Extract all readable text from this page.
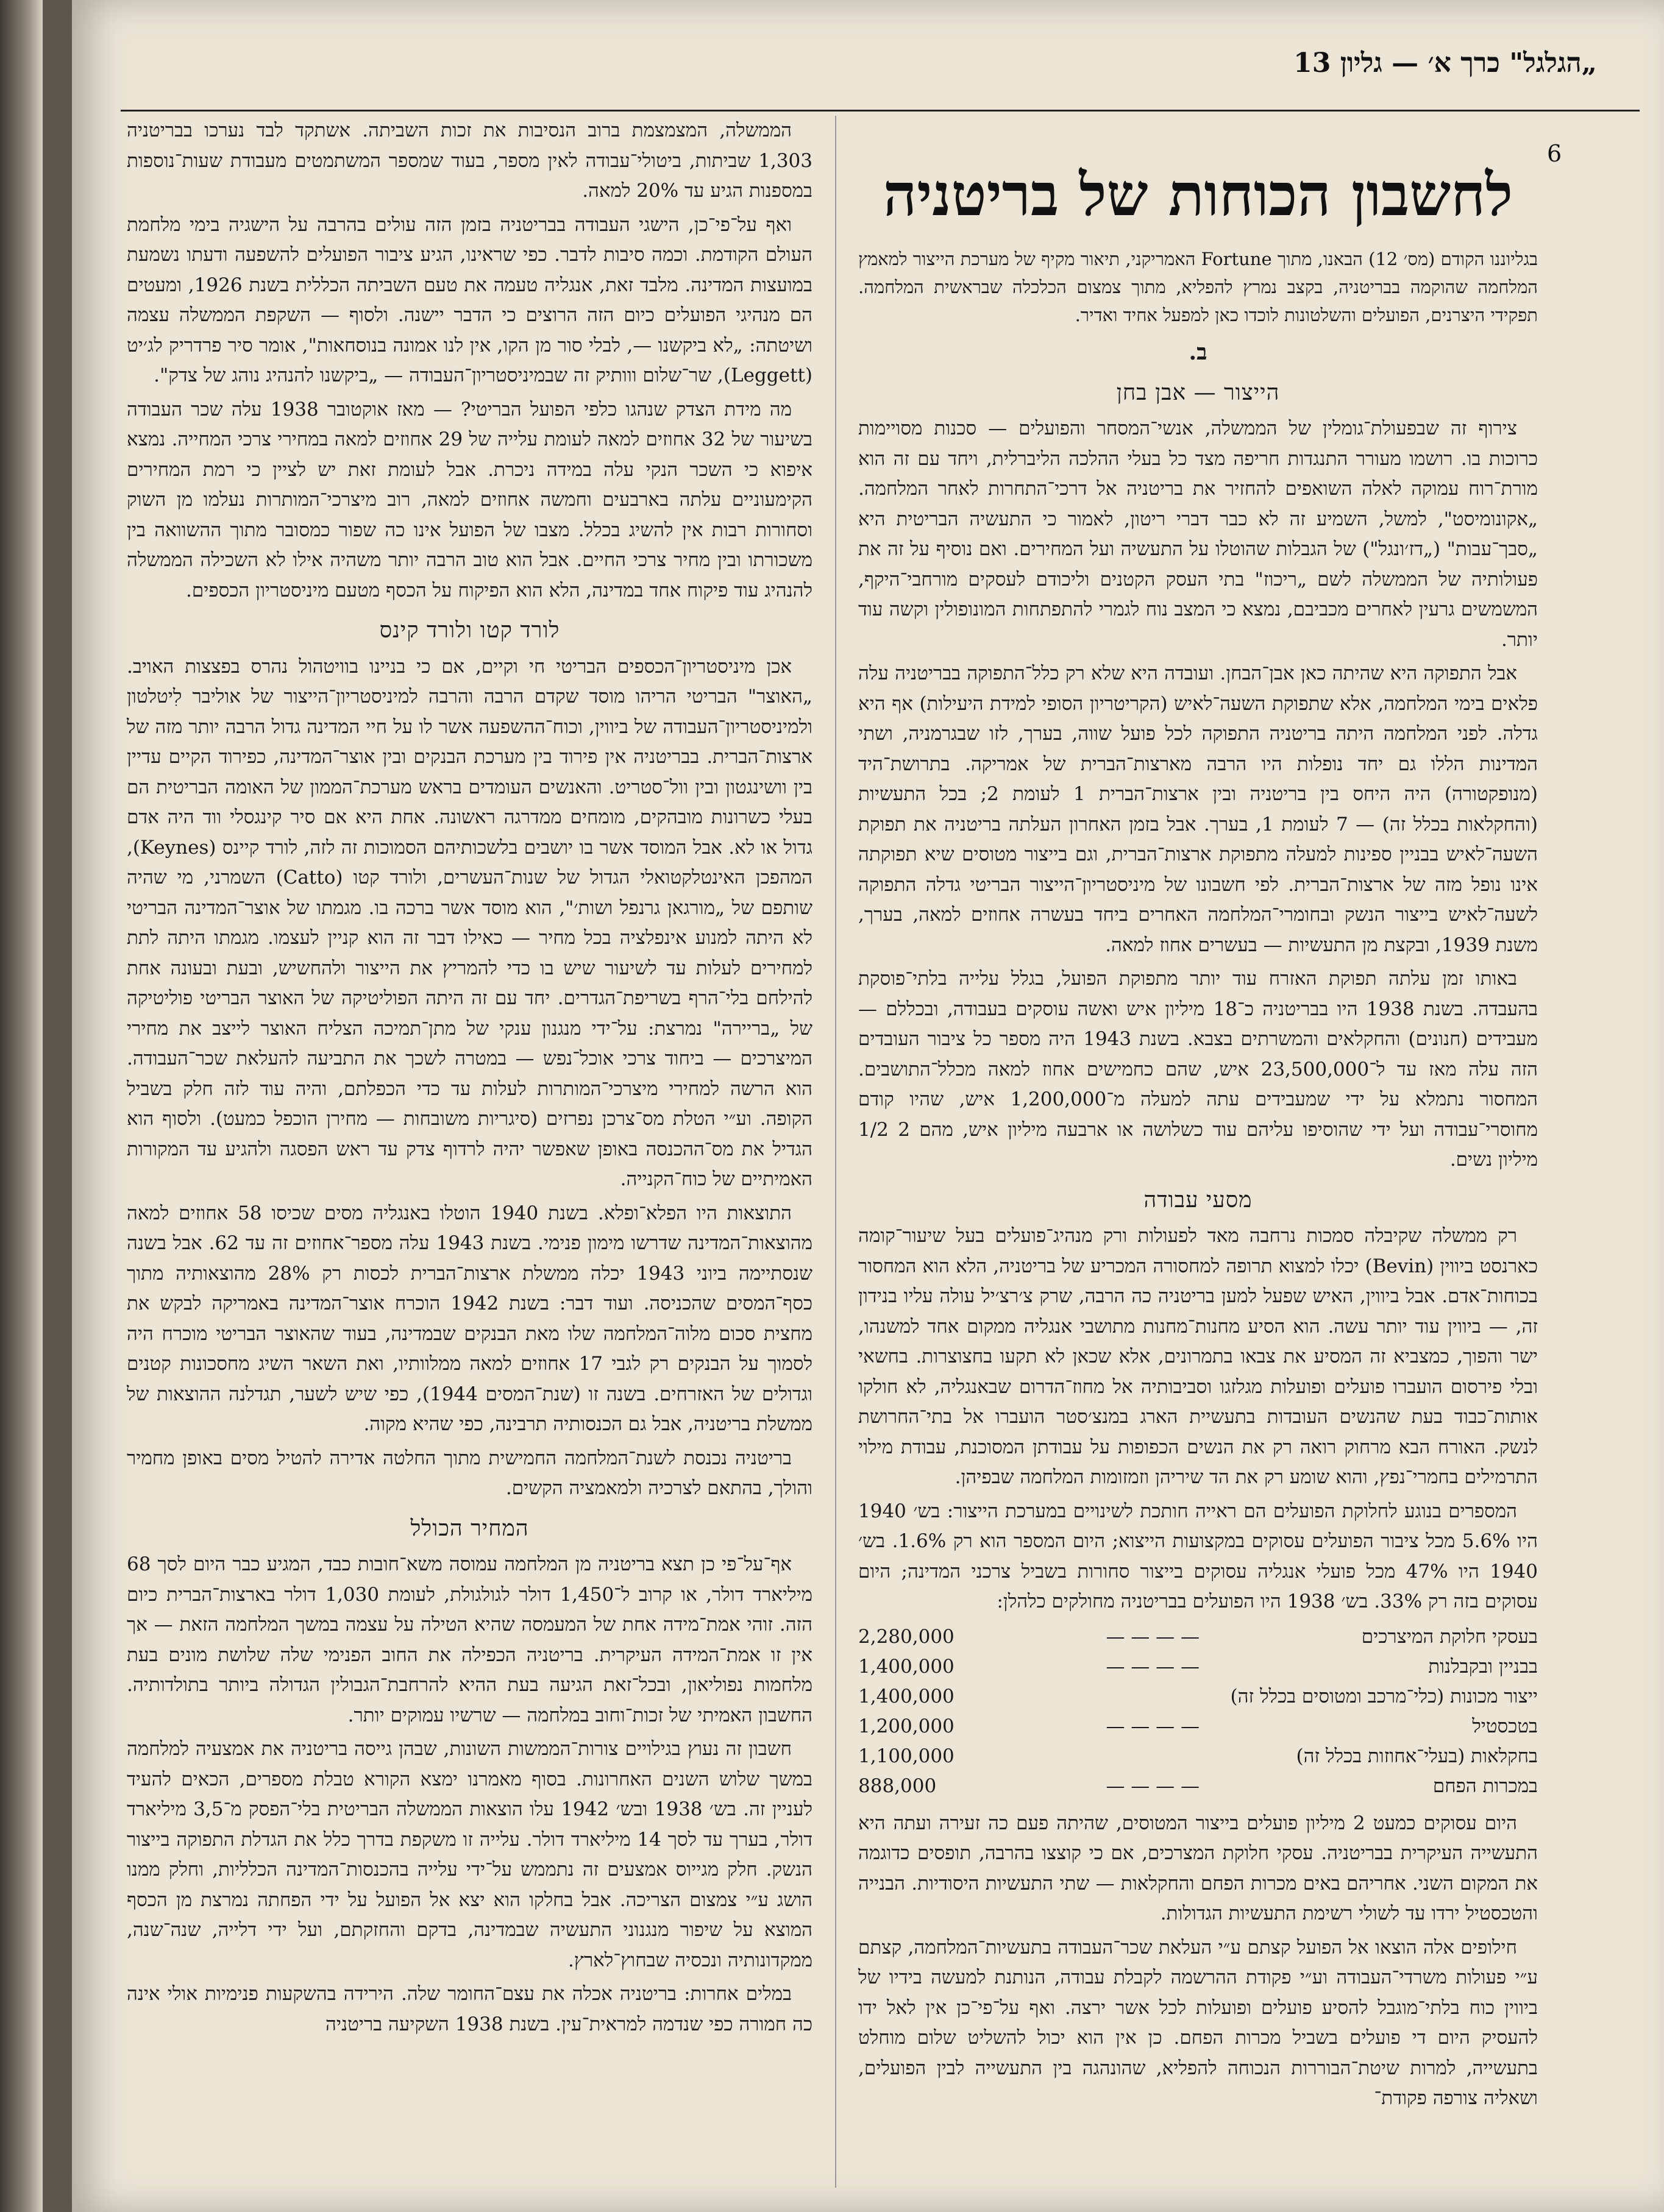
„הגלגל" כרך א׳ — גליון 13
6
לחשבון הכוחות של בריטניה

בגליוננו הקודם (מס׳ 12) הבאנו, מתוך Fortune האמריקני, תיאור מקיף של מערכת הייצור למאמץ המלחמה שהוקמה בבריטניה, בקצב נמרץ להפליא, מתוך צמצום הכלכלה שבראשית המלחמה. תפקידי היצרנים, הפועלים והשלטונות לוכדו כאן למפעל אחיד ואדיר.

ב.
הייצור — אבן בחן

צירוף זה שבפעולת־גומלין של הממשלה, אנשי־המסחר והפועלים — סכנות מסויימות כרוכות בו. רושמו מעורר התנגדות חריפה מצד כל בעלי ההלכה הליברלית, ויחד עם זה הוא מורת־רוח עמוקה לאלה השואפים להחזיר את בריטניה אל דרכי־התחרות לאחר המלחמה. „אקונומיסט", למשל, השמיע זה לא כבר דברי ריטון, לאמור כי התעשיה הבריטית היא „סבך־עבות" („דז׳ונגל") של הגבלות שהוטלו על התעשיה ועל המחירים. ואם נוסיף על זה את פעולותיה של הממשלה לשם „ריכוז" בתי העסק הקטנים וליכודם לעסקים מורחבי־היקף, המשמשים גרעין לאחרים מכביבם, נמצא כי המצב נוח לגמרי להתפתחות המונופולין וקשה עוד יותר.

אבל התפוקה היא שהיתה כאן אבן־הבחן. ועובדה היא שלא רק כלל־התפוקה בבריטניה עלה פלאים בימי המלחמה, אלא שתפוקת השעה־לאיש (הקריטריון הסופי למידת היעילות) אף היא גדלה. לפני המלחמה היתה בריטניה התפוקה לכל פועל שווה, בערך, לזו שבגרמניה, ושתי המדינות הללו גם יחד נופלות היו הרבה מארצות־הברית של אמריקה. בתרושת־היד (מנופקטורה) היה היחס בין בריטניה ובין ארצות־הברית 1 לעומת 2; בכל התעשיות (והחקלאות בכלל זה) — 7 לעומת 1, בערך. אבל בזמן האחרון העלתה בריטניה את תפוקת השעה־לאיש בבניין ספינות למעלה מתפוקת ארצות־הברית, וגם בייצור מטוסים שיא תפוקתה אינו נופל מזה של ארצות־הברית. לפי חשבונו של מיניסטריון־הייצור הבריטי גדלה התפוקה לשעה־לאיש בייצור הנשק ובחומרי־המלחמה האחרים ביחד בעשרה אחוזים למאה, בערך, משנת 1939, ובקצת מן התעשיות — בעשרים אחוז למאה.

באותו זמן עלתה תפוקת האזרח עוד יותר מתפוקת הפועל, בגלל עלייה בלתי־פוסקת בהעבדה. בשנת 1938 היו בבריטניה כ־18 מיליון איש ואשה עוסקים בעבודה, ובכללם — מעבידים (חנונים) והחקלאים והמשרתים בצבא. בשנת 1943 היה מספר כל ציבור העובדים הזה עלה מאז עד ל־23,500,000 איש, שהם כחמישים אחוז למאה מכלל־התושבים. המחסור נתמלא על ידי שמעבידים עתה למעלה מ־1,200,000 איש, שהיו קודם מחוסרי־עבודה ועל ידי שהוסיפו עליהם עוד כשלושה או ארבעה מיליון איש, מהם 2 1/2 מיליון נשים.

מסעי עבודה

רק ממשלה שקיבלה סמכות נרחבה מאד לפעולות ורק מנהיג־פועלים בעל שיעור־קומה כארנסט ביווין (Bevin) יכלו למצוא תרופה למחסורה המכריע של בריטניה, הלא הוא המחסור בכוחות־אדם. אבל ביווין, האיש שפעל למען בריטניה כה הרבה, שרק צ׳רצ׳יל עולה עליו בנידון זה, — ביווין עוד יותר עשה. הוא הסיע מחנות־מחנות מתושבי אנגליה ממקום אחד למשנהו, ישר והפוך, כמצביא זה המסיע את צבאו בתמרונים, אלא שכאן לא תקעו בחצוצרות. בחשאי ובלי פירסום הועברו פועלים ופועלות מגלזגו וסביבותיה אל מחוז־הדרום שבאנגליה, לא חולקו אותות־כבוד בעת שהנשים העובדות בתעשיית הארג במנצ׳סטר הועברו אל בתי־החרושת לנשק. האורח הבא מרחוק רואה רק את הנשים הכפופות על עבודתן המסוכנת, עבודת מילוי התרמילים בחמרי־נפץ, והוא שומע רק את הד שיריהן וזמזומות המלחמה שבפיהן.

המספרים בנוגע לחלוקת הפועלים הם ראייה חותכת לשינויים במערכת הייצור: בש׳ 1940 היו 5.6% מכל ציבור הפועלים עסוקים במקצועות הייצוא; היום המספר הוא רק 1.6%. בש׳ 1940 היו 47% מכל פועלי אנגליה עסוקים בייצור סחורות בשביל צרכני המדינה; היום עסוקים בזה רק 33%. בש׳ 1938 היו הפועלים בבריטניה מחולקים כלהלן:

בעסקי חלוקת המיצרכים
— — — —
2,280,000
בבניין ובקבלנות
— — — —
1,400,000
ייצור מכונות (כלי־מרכב ומטוסים בכלל זה)
1,400,000
בטכסטיל
— — — —
1,200,000
בחקלאות (בעלי־אחוזות בכלל זה)
1,100,000
במכרות הפחם
— — — —
888,000

היום עסוקים כמעט 2 מיליון פועלים בייצור המטוסים, שהיתה פעם כה זעירה ועתה היא התעשייה העיקרית בבריטניה. עסקי חלוקת המצרכים, אם כי קוצצו בהרבה, תופסים כדוגמה את המקום השני. אחריהם באים מכרות הפחם והחקלאות — שתי התעשיות היסודיות. הבנייה והטכסטיל ירדו עד לשולי רשימת התעשיות הגדולות.

חילופים אלה הוצאו אל הפועל קצתם ע״י העלאת שכר־העבודה בתעשיות־המלחמה, קצתם ע״י פעולות משרדי־העבודה וע״י פקודת ההרשמה לקבלת עבודה, הנותנת למעשה בידיו של ביווין כוח בלתי־מוגבל להסיע פועלים ופועלות לכל אשר ירצה. ואף על־פי־כן אין לאל ידו להעסיק היום די פועלים בשביל מכרות הפחם. כן אין הוא יכול להשליט שלום מוחלט בתעשייה, למרות שיטת־הבוררות הנכוחה להפליא, שהונהגה בין התעשייה לבין הפועלים, ושאליה צורפה פקודת־

הממשלה, המצמצמת ברוב הנסיבות את זכות השביתה. אשתקד לבד נערכו בבריטניה 1,303 שביתות, ביטולי־עבודה לאין מספר, בעוד שמספר המשתמטים מעבודת שעות־נוספות במספנות הגיע עד 20% למאה.

ואף על־פי־כן, הישגי העבודה בבריטניה בזמן הזה עולים בהרבה על הישגיה בימי מלחמת העולם הקודמת. וכמה סיבות לדבר. כפי שראינו, הגיע ציבור הפועלים להשפעה ודעתו נשמעת במועצות המדינה. מלבד זאת, אנגליה טעמה את טעם השביתה הכללית בשנת 1926, ומעטים הם מנהיגי הפועלים כיום הזה הרוצים כי הדבר יישנה. ולסוף — השקפת הממשלה עצמה ושיטתה: „לא ביקשנו —, לבלי סור מן הקו, אין לנו אמונה בנוסחאות", אומר סיר פרדריק לג׳יט (Leggett), שר־שלום ווותיק זה שבמיניסטריון־העבודה — „ביקשנו להנהיג נוהג של צדק".

מה מידת הצדק שנהגו כלפי הפועל הבריטי? — מאז אוקטובר 1938 עלה שכר העבודה בשיעור של 32 אחוזים למאה לעומת עלייה של 29 אחוזים למאה במחירי צרכי המחייה. נמצא איפוא כי השכר הנקי עלה במידה ניכרת. אבל לעומת זאת יש לציין כי רמת המחירים הקימעוניים עלתה בארבעים וחמשה אחוזים למאה, רוב מיצרכי־המותרות נעלמו מן השוק וסחורות רבות אין להשיג בכלל. מצבו של הפועל אינו כה שפור כמסובר מתוך ההשוואה בין משכורתו ובין מחיר צרכי החיים. אבל הוא טוב הרבה יותר משהיה אילו לא השכילה הממשלה להנהיג עוד פיקוח אחד במדינה, הלא הוא הפיקוח על הכסף מטעם מיניסטריון הכספים.

לורד קטו ולורד קינס

אכן מיניסטריון־הכספים הבריטי חי וקיים, אם כי בניינו בוויטהול נהרס בפצצות האויב. „האוצר" הבריטי הריהו מוסד שקדם הרבה והרבה למיניסטריון־הייצור של אוליבר לִיטלטון ולמיניסטריון־העבודה של ביווין, וכוח־ההשפעה אשר לו על חיי המדינה גדול הרבה יותר מזה של ארצות־הברית. בבריטניה אין פירוד בין מערכת הבנקים ובין אוצר־המדינה, כפירוד הקיים עדיין בין וושינגטון ובין וול־סטריט. והאנשים העומדים בראש מערכת־הממון של האומה הבריטית הם בעלי כשרונות מובהקים, מומחים ממדרגה ראשונה. אחת היא אם סיר קינגסלי ווד היה אדם גדול או לא. אבל המוסד אשר בו יושבים בלשכותיהם הסמוכות זה לזה, לורד קיינס (Keynes), המהפכן האינטלקטואלי הגדול של שנות־העשרים, ולורד קטו (Catto) השמרני, מי שהיה שותפם של „מורגאן גרנפל ושות׳", הוא מוסד אשר ברכה בו. מגמתו של אוצר־המדינה הבריטי לא היתה למנוע אינפלציה בכל מחיר — כאילו דבר זה הוא קניין לעצמו. מגמתו היתה לתת למחירים לעלות עד לשיעור שיש בו כדי להמריץ את הייצור ולהחשיש, ובעת ובעונה אחת להילחם בלי־הרף בשריפת־הגדרים. יחד עם זה היתה הפוליטיקה של האוצר הבריטי פוליטיקה של „בריירה" נמרצת: על־ידי מנגנון ענקי של מתן־תמיכה הצליח האוצר לייצב את מחירי המיצרכים — ביחוד צרכי אוכל־נפש — במטרה לשכך את התביעה להעלאת שכר־העבודה. הוא הרשה למחירי מיצרכי־המותרות לעלות עד כדי הכפלתם, והיה עוד לזה חלק בשביל הקופה. וע״י הטלת מס־צרכן נפרזים (סיגריות משובחות — מחירן הוכפל כמעט). ולסוף הוא הגדיל את מס־ההכנסה באופן שאפשר יהיה לרדוף צדק עד ראש הפסגה ולהגיע עד המקורות האמיתיים של כוח־הקנייה.

התוצאות היו הפלא־ופלא. בשנת 1940 הוטלו באנגליה מסים שכיסו 58 אחוזים למאה מהוצאות־המדינה שדרשו מימון פנימי. בשנת 1943 עלה מספר־אחוזים זה עד 62. אבל בשנה שנסתיימה ביוני 1943 יכלה ממשלת ארצות־הברית לכסות רק 28% מהוצאותיה מתוך כסף־המסים שהכניסה. ועוד דבר: בשנת 1942 הוכרח אוצר־המדינה באמריקה לבקש את מחצית סכום מלוה־המלחמה שלו מאת הבנקים שבמדינה, בעוד שהאוצר הבריטי מוכרח היה לסמוך על הבנקים רק לגבי 17 אחוזים למאה ממלוותיו, ואת השאר השיג מחסכונות קטנים וגדולים של האזרחים. בשנה זו (שנת־המסים 1944), כפי שיש לשער, תגדלנה ההוצאות של ממשלת בריטניה, אבל גם הכנסותיה תרבינה, כפי שהיא מקוה.

בריטניה נכנסת לשנת־המלחמה החמישית מתוך החלטה אדירה להטיל מסים באופן מחמיר והולך, בהתאם לצרכיה ולמאמציה הקשים.

המחיר הכולל

אף־על־פי כן תצא בריטניה מן המלחמה עמוסה משא־חובות כבד, המגיע כבר היום לסך 68 מיליארד דולר, או קרוב ל־1,450 דולר לגולגולת, לעומת 1,030 דולר בארצות־הברית כיום הזה. זוהי אמת־מידה אחת של המעמסה שהיא הטילה על עצמה במשך המלחמה הזאת — אך אין זו אמת־המידה העיקרית. בריטניה הכפילה את החוב הפנימי שלה שלושת מונים בעת מלחמות נפוליאון, ובכל־זאת הגיעה בעת ההיא להרחבת־הגבולין הגדולה ביותר בתולדותיה. החשבון האמיתי של זכות־וחוב במלחמה — שרשיו עמוקים יותר.

חשבון זה נעוץ בגילויים צורות־הממשות השונות, שבהן גייסה בריטניה את אמצעיה למלחמה במשך שלוש השנים האחרונות. בסוף מאמרנו ימצא הקורא טבלת מספרים, הכאים להעיד לעניין זה. בש׳ 1938 ובש׳ 1942 עלו הוצאות הממשלה הבריטית בלי־הפסק מ־3,5 מיליארד דולר, בערך עד לסך 14 מיליארד דולר. עלייה זו משקפת בדרך כלל את הגדלת התפוקה בייצור הנשק. חלק מגייוס אמצעים זה נתממש על־ידי עלייה בהכנסות־המדינה הכלליות, וחלק ממנו הושג ע״י צמצום הצריכה. אבל בחלקו הוא יצא אל הפועל על ידי הפחתה נמרצת מן הכסף המוצא על שיפור מנגנוני התעשיה שבמדינה, בדקם והחזקתם, ועל ידי דלייה, שנה־שנה, ממקדונותיה ונכסיה שבחוץ־לארץ.

במלים אחרות: בריטניה אכלה את עצם־החומר שלה. הירידה בהשקעות פנימיות אולי אינה כה חמורה כפי שנדמה למראית־עין. בשנת 1938 השקיעה בריטניה
